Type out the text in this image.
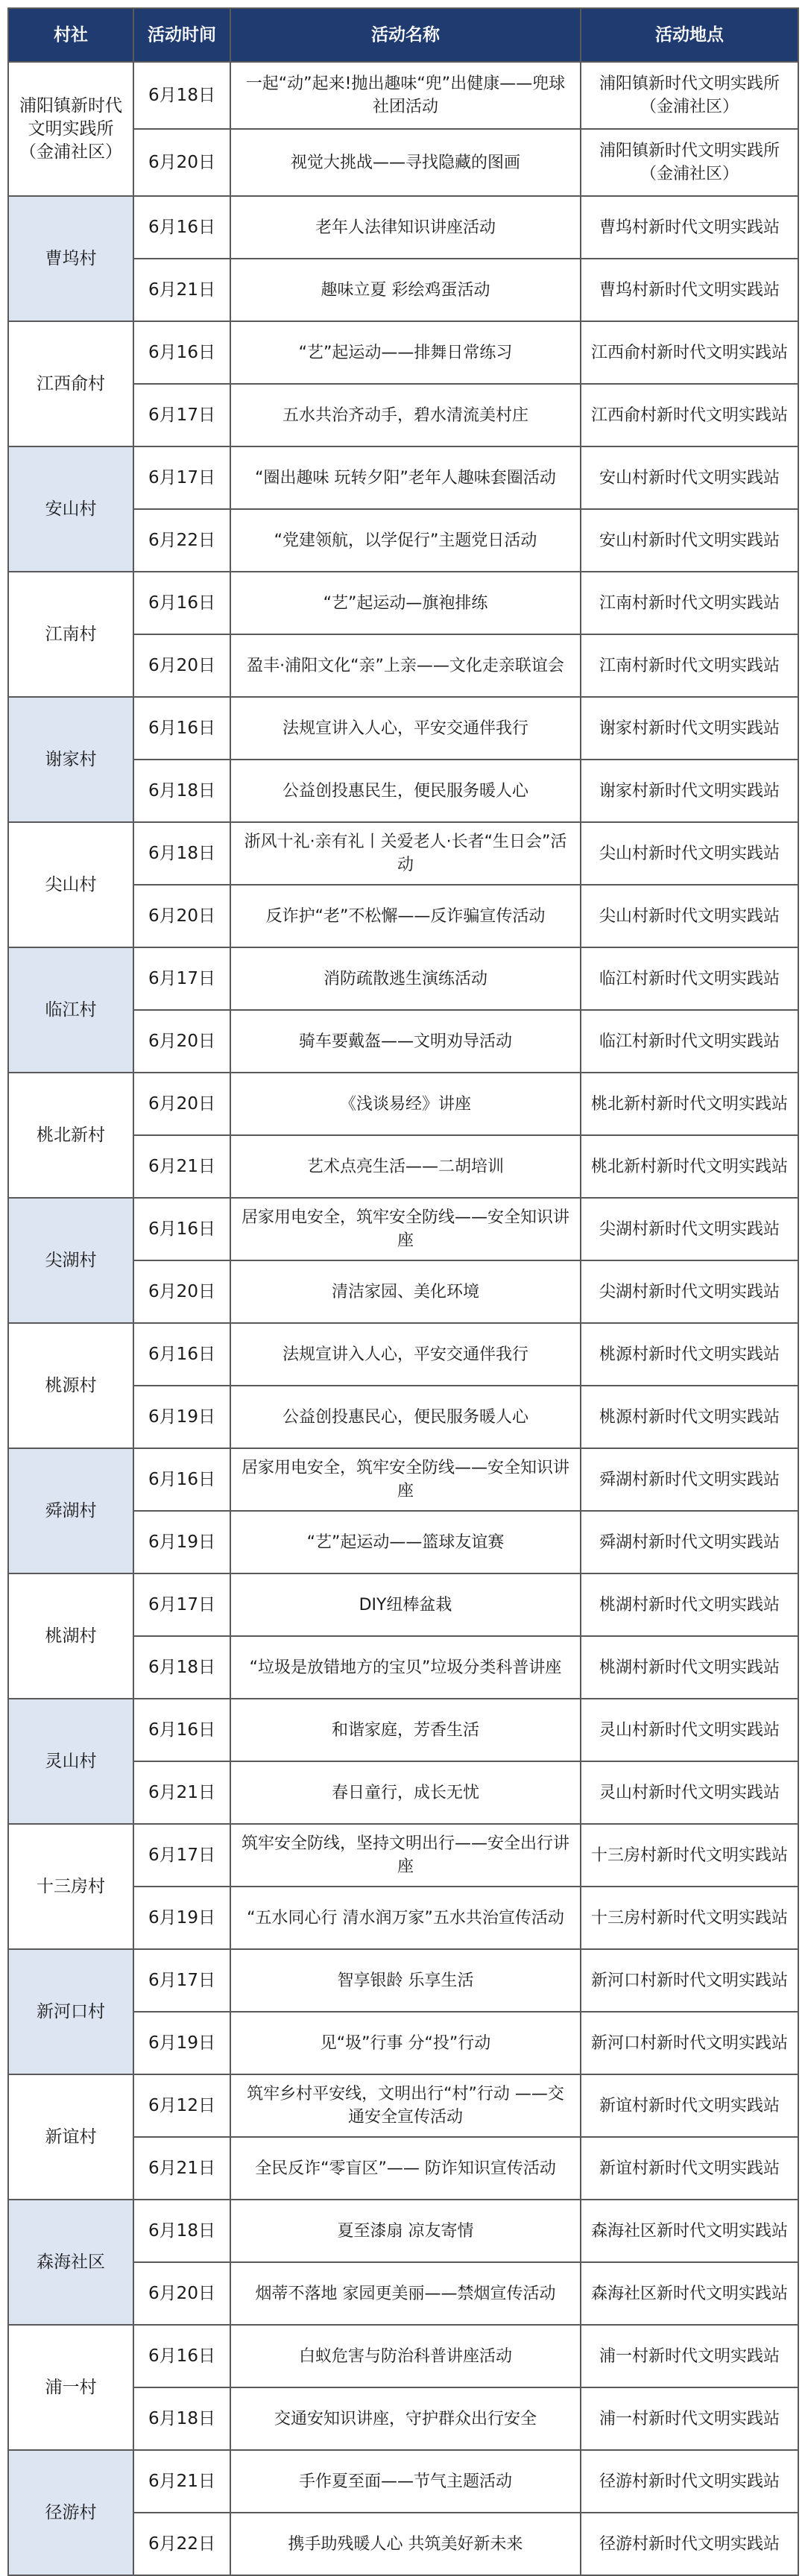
村社	活动时间	活动名称	活动地点
浦阳镇新时代文明实践所（金浦社区）	6月18日	一起“动”起来!抛出趣味“兜”出健康——兜球社团活动	浦阳镇新时代文明实践所（金浦社区）
	6月20日	视觉大挑战——寻找隐藏的图画	浦阳镇新时代文明实践所（金浦社区）
曹坞村	6月16日	老年人法律知识讲座活动	曹坞村新时代文明实践站
	6月21日	趣味立夏 彩绘鸡蛋活动	曹坞村新时代文明实践站
江西俞村	6月16日	“艺”起运动——排舞日常练习	江西俞村新时代文明实践站
	6月17日	五水共治齐动手，碧水清流美村庄	江西俞村新时代文明实践站
安山村	6月17日	“圈出趣味 玩转夕阳”老年人趣味套圈活动	安山村新时代文明实践站
	6月22日	“党建领航，以学促行”主题党日活动	安山村新时代文明实践站
江南村	6月16日	“艺”起运动—旗袍排练	江南村新时代文明实践站
	6月20日	盈丰·浦阳文化“亲”上亲——文化走亲联谊会	江南村新时代文明实践站
谢家村	6月16日	法规宣讲入人心，平安交通伴我行	谢家村新时代文明实践站
	6月18日	公益创投惠民生，便民服务暖人心	谢家村新时代文明实践站
尖山村	6月18日	浙风十礼·亲有礼丨关爱老人·长者“生日会”活动	尖山村新时代文明实践站
	6月20日	反诈护“老”不松懈——反诈骗宣传活动	尖山村新时代文明实践站
临江村	6月17日	消防疏散逃生演练活动	临江村新时代文明实践站
	6月20日	骑车要戴盔——文明劝导活动	临江村新时代文明实践站
桃北新村	6月20日	《浅谈易经》讲座	桃北新村新时代文明实践站
	6月21日	艺术点亮生活——二胡培训	桃北新村新时代文明实践站
尖湖村	6月16日	居家用电安全，筑牢安全防线——安全知识讲座	尖湖村新时代文明实践站
	6月20日	清洁家园、美化环境	尖湖村新时代文明实践站
桃源村	6月16日	法规宣讲入人心，平安交通伴我行	桃源村新时代文明实践站
	6月19日	公益创投惠民心，便民服务暖人心	桃源村新时代文明实践站
舜湖村	6月16日	居家用电安全，筑牢安全防线——安全知识讲座	舜湖村新时代文明实践站
	6月19日	“艺”起运动——篮球友谊赛	舜湖村新时代文明实践站
桃湖村	6月17日	DIY纽棒盆栽	桃湖村新时代文明实践站
	6月18日	“垃圾是放错地方的宝贝”垃圾分类科普讲座	桃湖村新时代文明实践站
灵山村	6月16日	和谐家庭，芳香生活	灵山村新时代文明实践站
	6月21日	春日童行，成长无忧	灵山村新时代文明实践站
十三房村	6月17日	筑牢安全防线，坚持文明出行——安全出行讲座	十三房村新时代文明实践站
	6月19日	“五水同心行 清水润万家”五水共治宣传活动	十三房村新时代文明实践站
新河口村	6月17日	智享银龄 乐享生活	新河口村新时代文明实践站
	6月19日	见“圾”行事 分“投”行动	新河口村新时代文明实践站
新谊村	6月12日	筑牢乡村平安线，文明出行“村”行动 ——交通安全宣传活动	新谊村新时代文明实践站
	6月21日	全民反诈“零盲区”—— 防诈知识宣传活动	新谊村新时代文明实践站
森海社区	6月18日	夏至漆扇 凉友寄情	森海社区新时代文明实践站
	6月20日	烟蒂不落地 家园更美丽——禁烟宣传活动	森海社区新时代文明实践站
浦一村	6月16日	白蚁危害与防治科普讲座活动	浦一村新时代文明实践站
	6月18日	交通安知识讲座，守护群众出行安全	浦一村新时代文明实践站
径游村	6月21日	手作夏至面——节气主题活动	径游村新时代文明实践站
	6月22日	携手助残暖人心 共筑美好新未来	径游村新时代文明实践站
